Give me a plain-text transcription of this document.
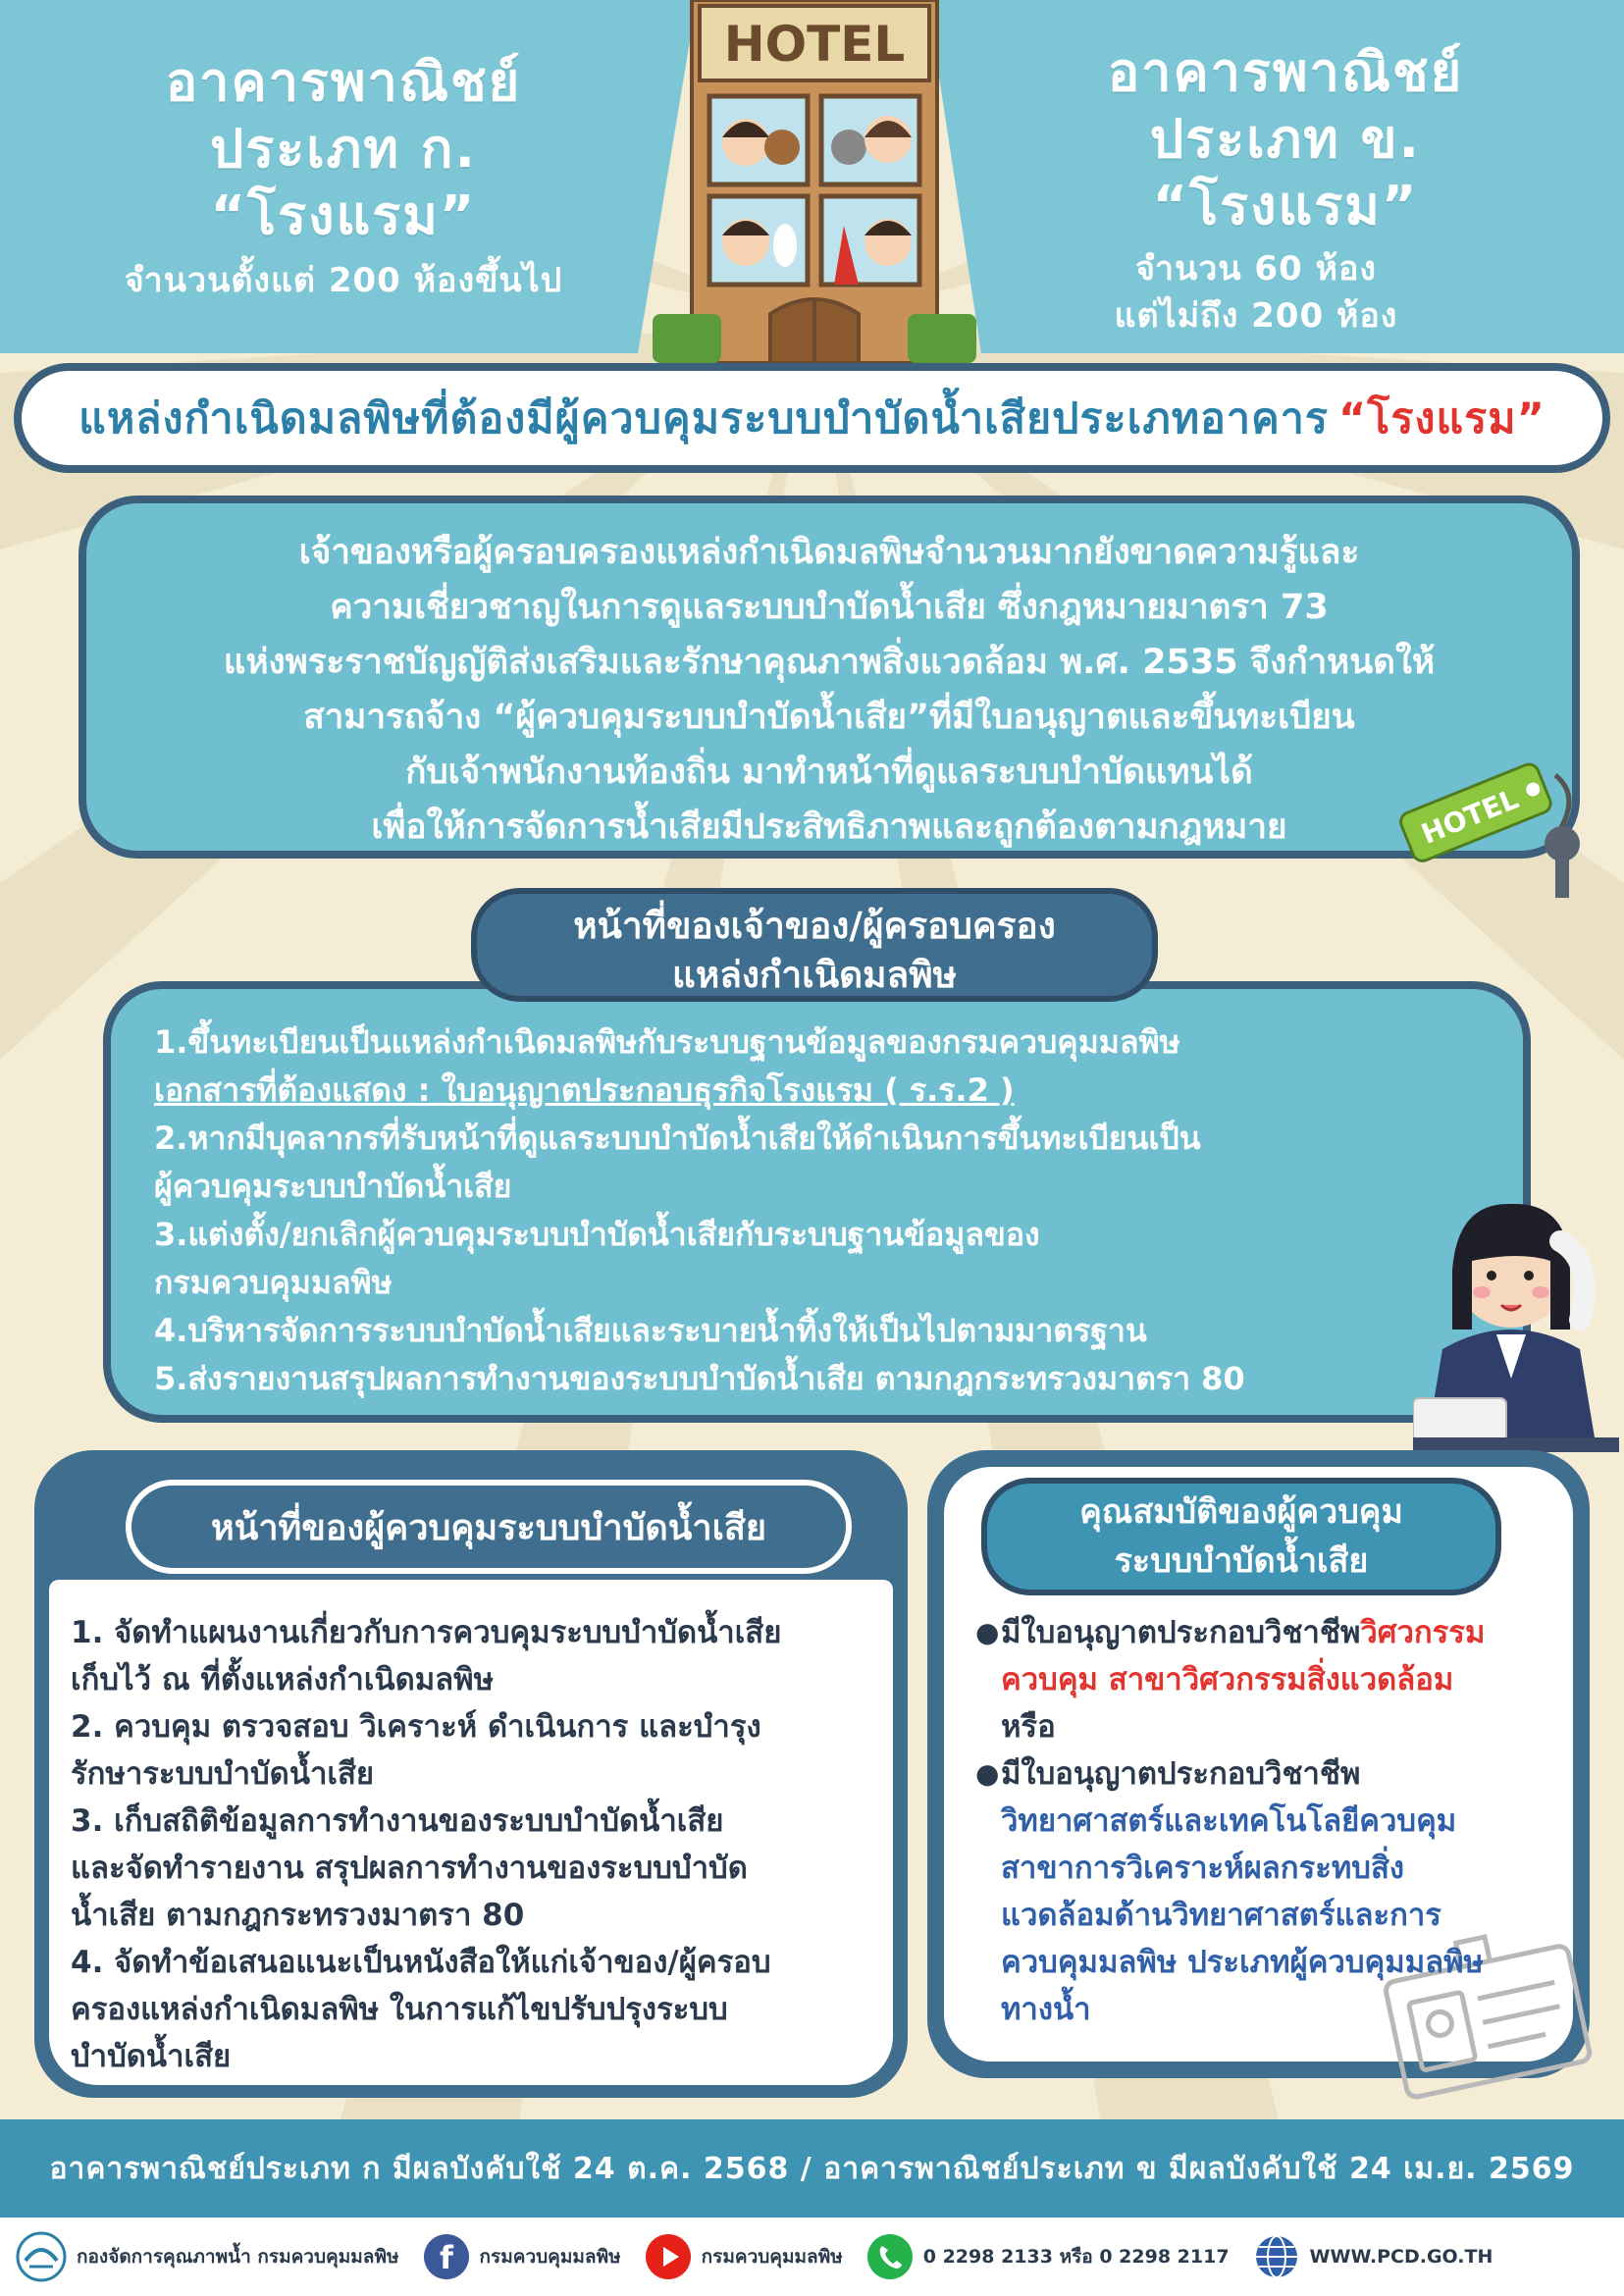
อาคารพาณิชย์
ประเภท ก.
“โรงแรม”
จำนวนตั้งแต่ 200 ห้องขึ้นไป
อาคารพาณิชย์
ประเภท ข.
“โรงแรม”
จำนวน 60 ห้อง
แต่ไม่ถึง 200 ห้อง
HOTEL
แหล่งกำเนิดมลพิษที่ต้องมีผู้ควบคุมระบบบำบัดน้ำเสียประเภทอาคาร “โรงแรม”
เจ้าของหรือผู้ครอบครองแหล่งกำเนิดมลพิษจำนวนมากยังขาดความรู้และ
ความเชี่ยวชาญในการดูแลระบบบำบัดน้ำเสีย ซึ่งกฎหมายมาตรา 73
แห่งพระราชบัญญัติส่งเสริมและรักษาคุณภาพสิ่งแวดล้อม พ.ศ. 2535 จึงกำหนดให้
สามารถจ้าง “ผู้ควบคุมระบบบำบัดน้ำเสีย”ที่มีใบอนุญาตและขึ้นทะเบียน
กับเจ้าพนักงานท้องถิ่น มาทำหน้าที่ดูแลระบบบำบัดแทนได้
เพื่อให้การจัดการน้ำเสียมีประสิทธิภาพและถูกต้องตามกฎหมาย	HOTEL
1.ขึ้นทะเบียนเป็นแหล่งกำเนิดมลพิษกับระบบฐานข้อมูลของกรมควบคุมมลพิษ
เอกสารที่ต้องแสดง : ใบอนุญาตประกอบธุรกิจโรงแรม ( ร.ร.2 )
2.หากมีบุคลากรที่รับหน้าที่ดูแลระบบบำบัดน้ำเสียให้ดำเนินการขึ้นทะเบียนเป็น
ผู้ควบคุมระบบบำบัดน้ำเสีย
3.แต่งตั้ง/ยกเลิกผู้ควบคุมระบบบำบัดน้ำเสียกับระบบฐานข้อมูลของ
กรมควบคุมมลพิษ
4.บริหารจัดการระบบบำบัดน้ำเสียและระบายน้ำทิ้งให้เป็นไปตามมาตรฐาน
5.ส่งรายงานสรุปผลการทำงานของระบบบำบัดน้ำเสีย ตามกฎกระทรวงมาตรา 80
หน้าที่ของเจ้าของ/ผู้ครอบครอง
แหล่งกำเนิดมลพิษ
หน้าที่ของผู้ควบคุมระบบบำบัดน้ำเสีย
1. จัดทำแผนงานเกี่ยวกับการควบคุมระบบบำบัดน้ำเสีย
เก็บไว้ ณ ที่ตั้งแหล่งกำเนิดมลพิษ
2. ควบคุม ตรวจสอบ วิเคราะห์ ดำเนินการ และบำรุง
รักษาระบบบำบัดน้ำเสีย
3. เก็บสถิติข้อมูลการทำงานของระบบบำบัดน้ำเสีย
และจัดทำรายงาน สรุปผลการทำงานของระบบบำบัด
น้ำเสีย ตามกฎกระทรวงมาตรา 80
4. จัดทำข้อเสนอแนะเป็นหนังสือให้แก่เจ้าของ/ผู้ครอบ
ครองแหล่งกำเนิดมลพิษ ในการแก้ไขปรับปรุงระบบ
บำบัดน้ำเสีย
คุณสมบัติของผู้ควบคุม
ระบบบำบัดน้ำเสีย
● มีใบอนุญาตประกอบวิชาชีพวิศวกรรม
ควบคุม สาขาวิศวกรรมสิ่งแวดล้อม
หรือ
● มีใบอนุญาตประกอบวิชาชีพ
วิทยาศาสตร์และเทคโนโลยีควบคุม
สาขาการวิเคราะห์ผลกระทบสิ่ง
แวดล้อมด้านวิทยาศาสตร์และการ
ควบคุมมลพิษ ประเภทผู้ควบคุมมลพิษ
ทางน้ำ
อาคารพาณิชย์ประเภท ก มีผลบังคับใช้ 24 ต.ค. 2568 / อาคารพาณิชย์ประเภท ข มีผลบังคับใช้ 24 เม.ย. 2569
กองจัดการคุณภาพน้ำ กรมควบคุมมลพิษ f กรมควบคุมมลพิษ	กรมควบคุมมลพิษ	0 2298 2133 หรือ 0 2298 2117	WWW.PCD.GO.TH
